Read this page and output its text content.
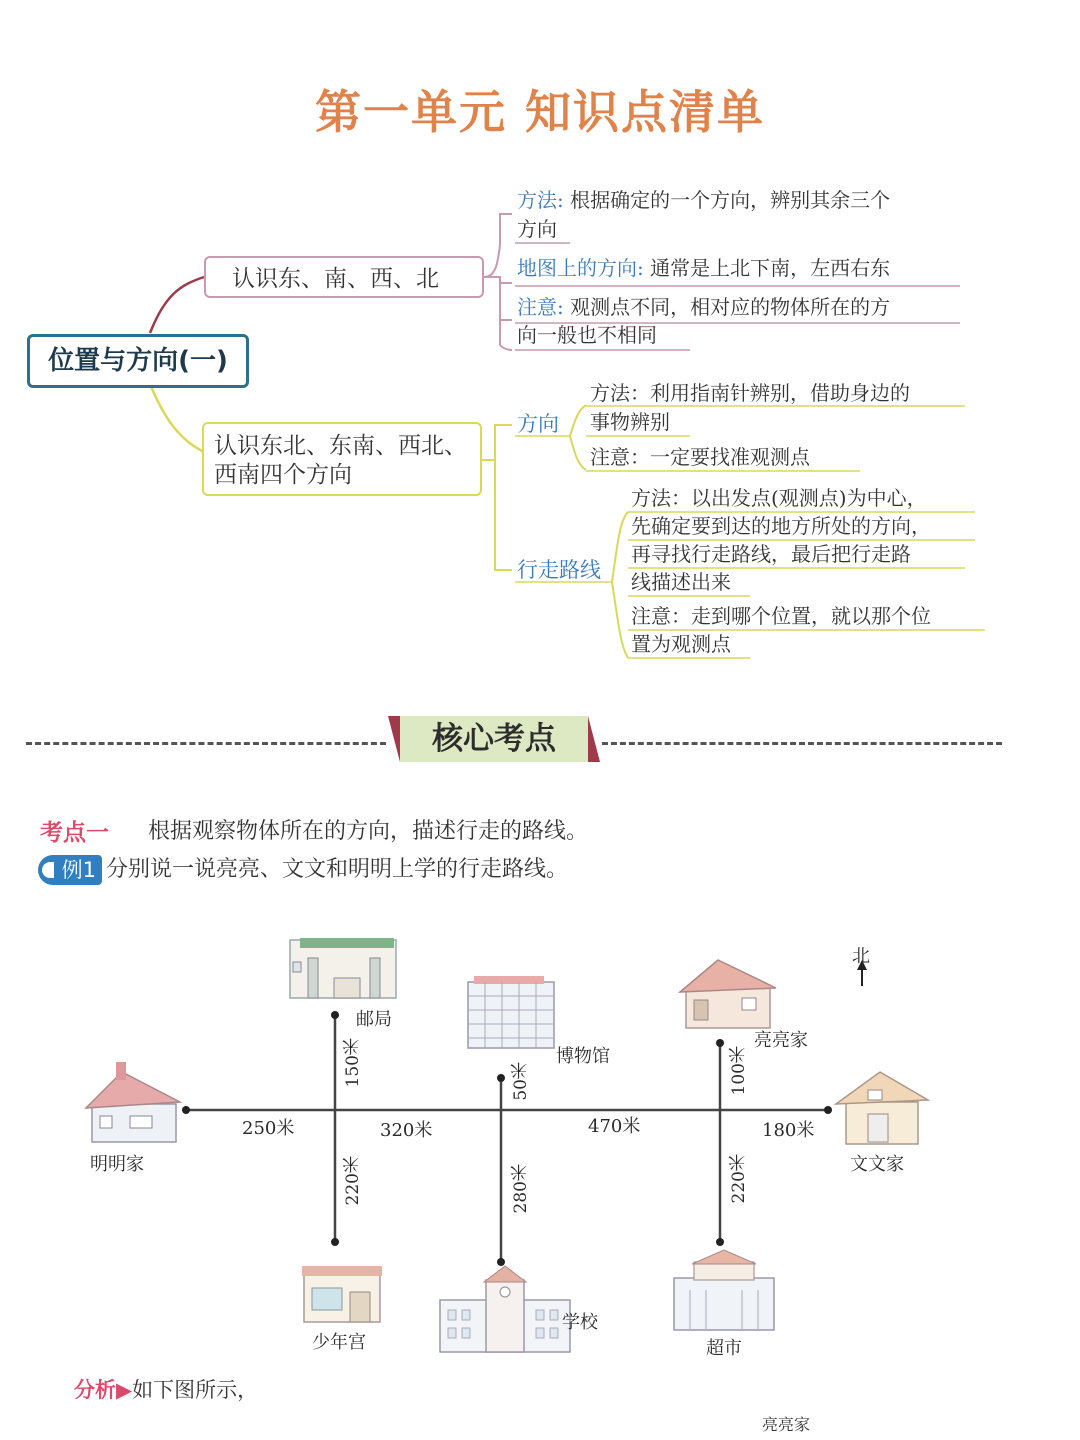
第一单元 知识点清单
位置与方向(一)
认识东、南、西、北
方法: 根据确定的一个方向，辨别其余三个
方向
地图上的方向: 通常是上北下南，左西右东
注意: 观测点不同，相对应的物体所在的方
向一般也不相同
认识东北、东南、西北、
西南四个方向
方向
方法：利用指南针辨别，借助身边的
事物辨别
注意：一定要找准观测点
行走路线
方法：以出发点(观测点)为中心，
先确定要到达的地方所处的方向，
再寻找行走路线，最后把行走路
线描述出来
注意：走到哪个位置，就以那个位
置为观测点
核心考点
考点一 根据观察物体所在的方向，描述行走的路线。
例1 分别说一说亮亮、文文和明明上学的行走路线。
北
邮局
博物馆
亮亮家
明明家	文文家
少年宫
学校
超市
250米	320米	470米	180米
150米
220米
50米
280米
100米
220米
分析▶如下图所示，
亮亮家
